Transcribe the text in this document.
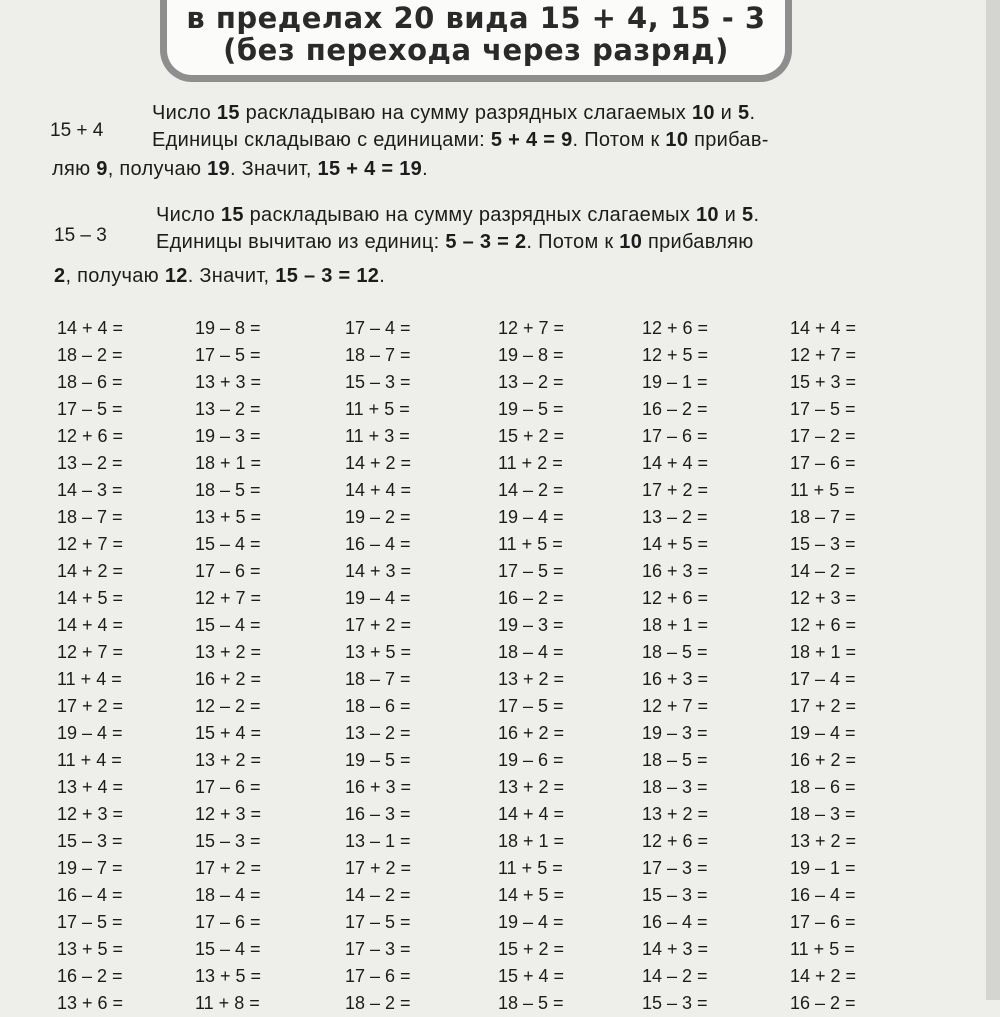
в пределах 20 вида 15 + 4, 15 - 3
(без перехода через разряд)
15 + 4
Число 15 раскладываю на сумму разрядных слагаемых 10 и 5.
Единицы складываю с единицами: 5 + 4 = 9. Потом к 10 прибав-
ляю 9, получаю 19. Значит, 15 + 4 = 19.
15 – 3
Число 15 раскладываю на сумму разрядных слагаемых 10 и 5.
Единицы вычитаю из единиц: 5 – 3 = 2. Потом к 10 прибавляю
2, получаю 12. Значит, 15 – 3 = 12.
14 + 4 =
18 – 2 =
18 – 6 =
17 – 5 =
12 + 6 =
13 – 2 =
14 – 3 =
18 – 7 =
12 + 7 =
14 + 2 =
14 + 5 =
14 + 4 =
12 + 7 =
11 + 4 =
17 + 2 =
19 – 4 =
11 + 4 =
13 + 4 =
12 + 3 =
15 – 3 =
19 – 7 =
16 – 4 =
17 – 5 =
13 + 5 =
16 – 2 =
13 + 6 =
19 – 8 =
17 – 5 =
13 + 3 =
13 – 2 =
19 – 3 =
18 + 1 =
18 – 5 =
13 + 5 =
15 – 4 =
17 – 6 =
12 + 7 =
15 – 4 =
13 + 2 =
16 + 2 =
12 – 2 =
15 + 4 =
13 + 2 =
17 – 6 =
12 + 3 =
15 – 3 =
17 + 2 =
18 – 4 =
17 – 6 =
15 – 4 =
13 + 5 =
11 + 8 =
17 – 4 =
18 – 7 =
15 – 3 =
11 + 5 =
11 + 3 =
14 + 2 =
14 + 4 =
19 – 2 =
16 – 4 =
14 + 3 =
19 – 4 =
17 + 2 =
13 + 5 =
18 – 7 =
18 – 6 =
13 – 2 =
19 – 5 =
16 + 3 =
16 – 3 =
13 – 1 =
17 + 2 =
14 – 2 =
17 – 5 =
17 – 3 =
17 – 6 =
18 – 2 =
12 + 7 =
19 – 8 =
13 – 2 =
19 – 5 =
15 + 2 =
11 + 2 =
14 – 2 =
19 – 4 =
11 + 5 =
17 – 5 =
16 – 2 =
19 – 3 =
18 – 4 =
13 + 2 =
17 – 5 =
16 + 2 =
19 – 6 =
13 + 2 =
14 + 4 =
18 + 1 =
11 + 5 =
14 + 5 =
19 – 4 =
15 + 2 =
15 + 4 =
18 – 5 =
12 + 6 =
12 + 5 =
19 – 1 =
16 – 2 =
17 – 6 =
14 + 4 =
17 + 2 =
13 – 2 =
14 + 5 =
16 + 3 =
12 + 6 =
18 + 1 =
18 – 5 =
16 + 3 =
12 + 7 =
19 – 3 =
18 – 5 =
18 – 3 =
13 + 2 =
12 + 6 =
17 – 3 =
15 – 3 =
16 – 4 =
14 + 3 =
14 – 2 =
15 – 3 =
14 + 4 =
12 + 7 =
15 + 3 =
17 – 5 =
17 – 2 =
17 – 6 =
11 + 5 =
18 – 7 =
15 – 3 =
14 – 2 =
12 + 3 =
12 + 6 =
18 + 1 =
17 – 4 =
17 + 2 =
19 – 4 =
16 + 2 =
18 – 6 =
18 – 3 =
13 + 2 =
19 – 1 =
16 – 4 =
17 – 6 =
11 + 5 =
14 + 2 =
16 – 2 =
